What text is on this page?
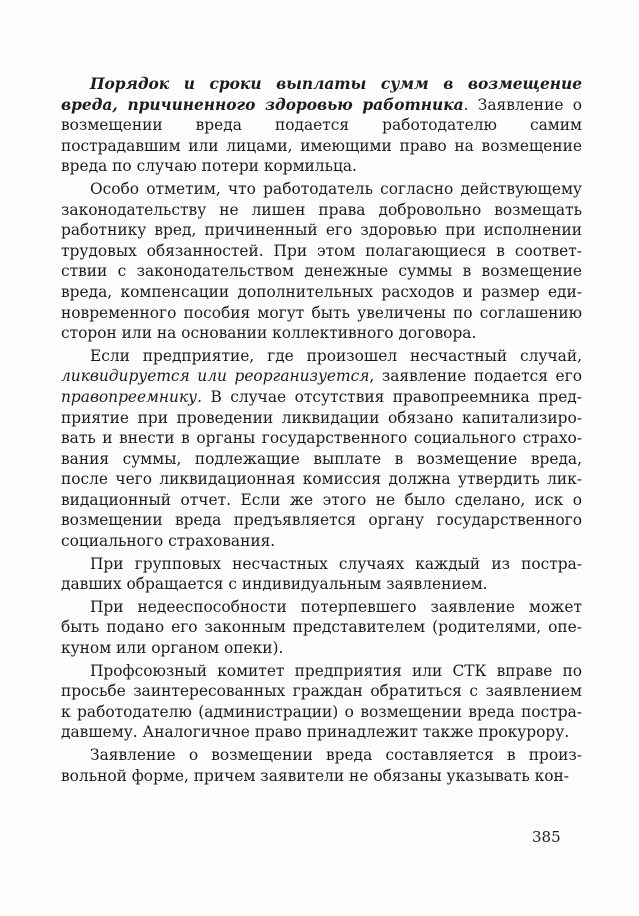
Порядок и сроки выплаты сумм в возмещение вреда, причиненного здоровью работника. Заявление о возмещении вреда подается работодателю самим пострадавшим или лицами, имеющими право на возмещение вреда по случаю потери кормильца.

Особо отметим, что работодатель согласно действующему законодательству не лишен права добровольно возмещать работнику вред, причиненный его здоровью при исполнении трудовых обязанностей. При этом полагающиеся в соответствии с законодательством денежные суммы в возмещение вреда, компенсации дополнительных расходов и размер единовременного пособия могут быть увеличены по соглашению сторон или на основании коллективного договора.

Если предприятие, где произошел несчастный случай, ликвидируется или реорганизуется, заявление подается его правопреемнику. В случае отсутствия правопреемника предприятие при проведении ликвидации обязано капитализировать и внести в органы государственного социального страхования суммы, подлежащие выплате в возмещение вреда, после чего ликвидационная комиссия должна утвердить ликвидационный отчет. Если же этого не было сделано, иск о возмещении вреда предъявляется органу государственного социального страхования.

При групповых несчастных случаях каждый из пострадавших обращается с индивидуальным заявлением.

При недееспособности потерпевшего заявление может быть подано его законным представителем (родителями, опекуном или органом опеки).

Профсоюзный комитет предприятия или СТК вправе по просьбе заинтересованных граждан обратиться с заявлением к работодателю (администрации) о возмещении вреда пострадавшему. Аналогичное право принадлежит также прокурору.

Заявление о возмещении вреда составляется в произвольной форме, причем заявители не обязаны указывать кон-

385
